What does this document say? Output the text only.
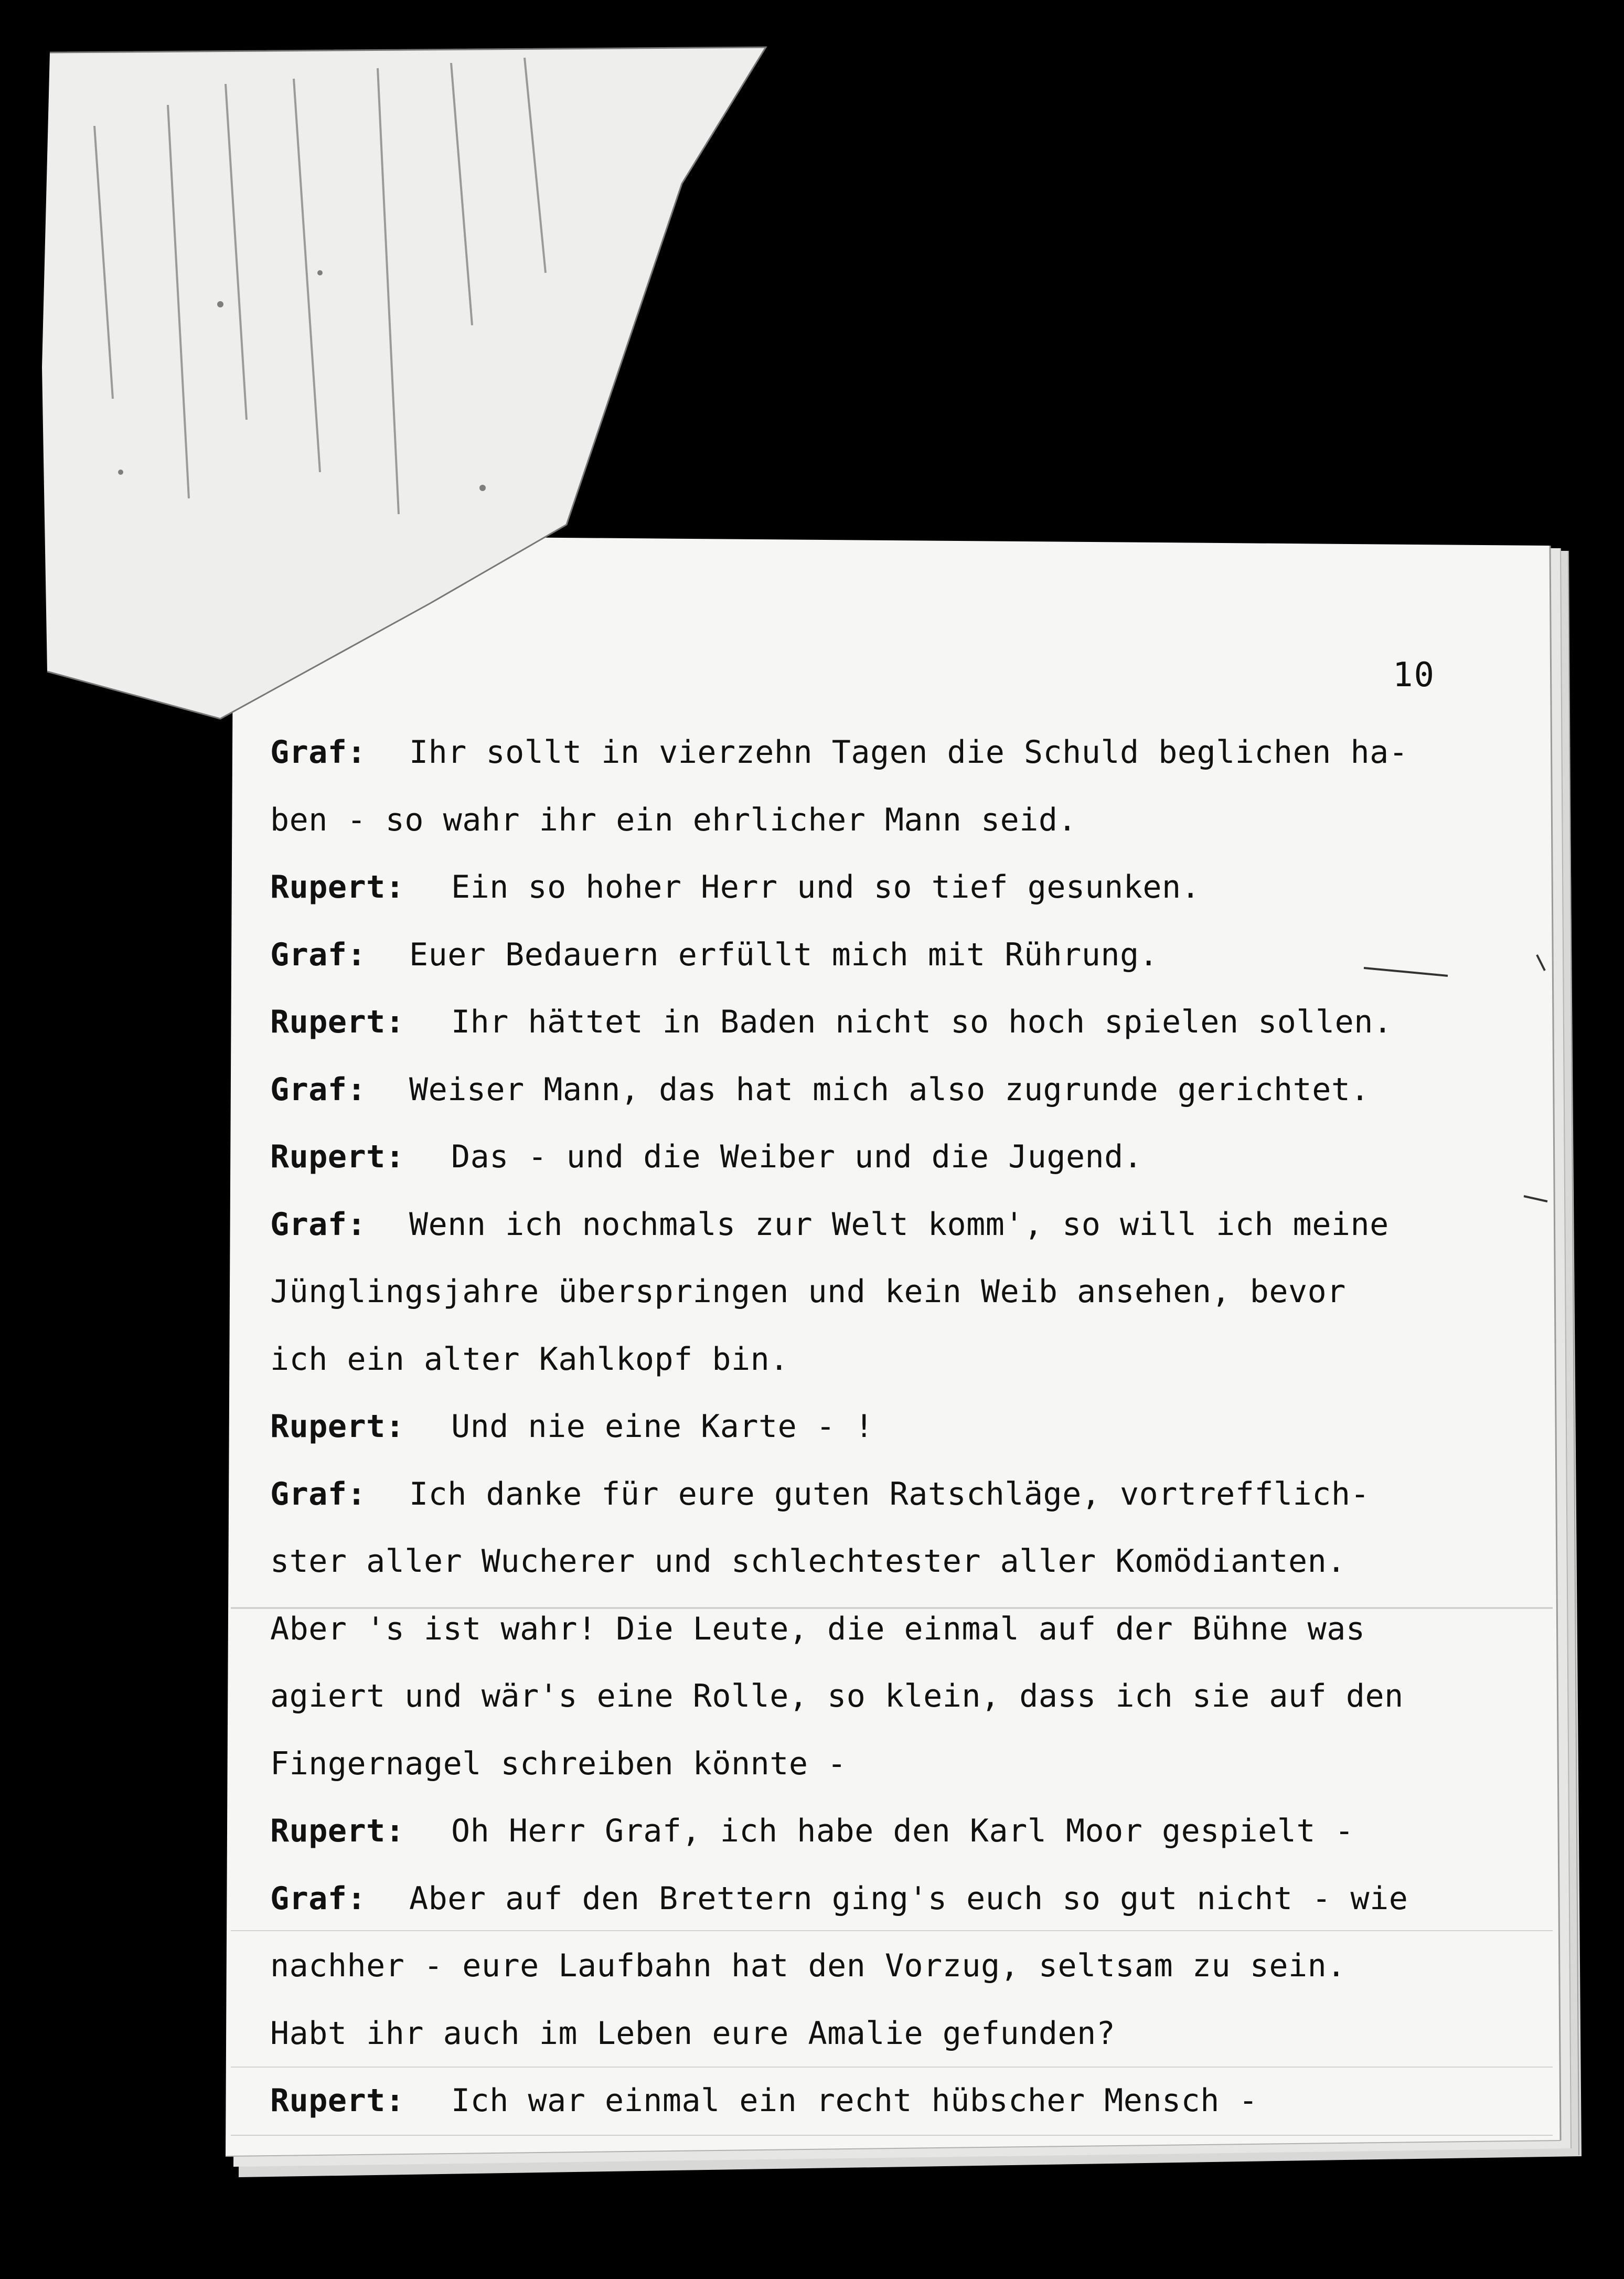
10
Graf: Ihr sollt in vierzehn Tagen die Schuld beglichen ha-
ben - so wahr ihr ein ehrlicher Mann seid.
Rupert: Ein so hoher Herr und so tief gesunken.
Graf: Euer Bedauern erfüllt mich mit Rührung.
Rupert: Ihr hättet in Baden nicht so hoch spielen sollen.
Graf: Weiser Mann, das hat mich also zugrunde gerichtet.
Rupert: Das - und die Weiber und die Jugend.
Graf: Wenn ich nochmals zur Welt komm', so will ich meine
Jünglingsjahre überspringen und kein Weib ansehen, bevor
ich ein alter Kahlkopf bin.
Rupert: Und nie eine Karte - !
Graf: Ich danke für eure guten Ratschläge, vortrefflich-
ster aller Wucherer und schlechtester aller Komödianten.
Aber 's ist wahr! Die Leute, die einmal auf der Bühne was
agiert und wär's eine Rolle, so klein, dass ich sie auf den
Fingernagel schreiben könnte -
Rupert: Oh Herr Graf, ich habe den Karl Moor gespielt -
Graf: Aber auf den Brettern ging's euch so gut nicht - wie
nachher - eure Laufbahn hat den Vorzug, seltsam zu sein.
Habt ihr auch im Leben eure Amalie gefunden?
Rupert: Ich war einmal ein recht hübscher Mensch -
